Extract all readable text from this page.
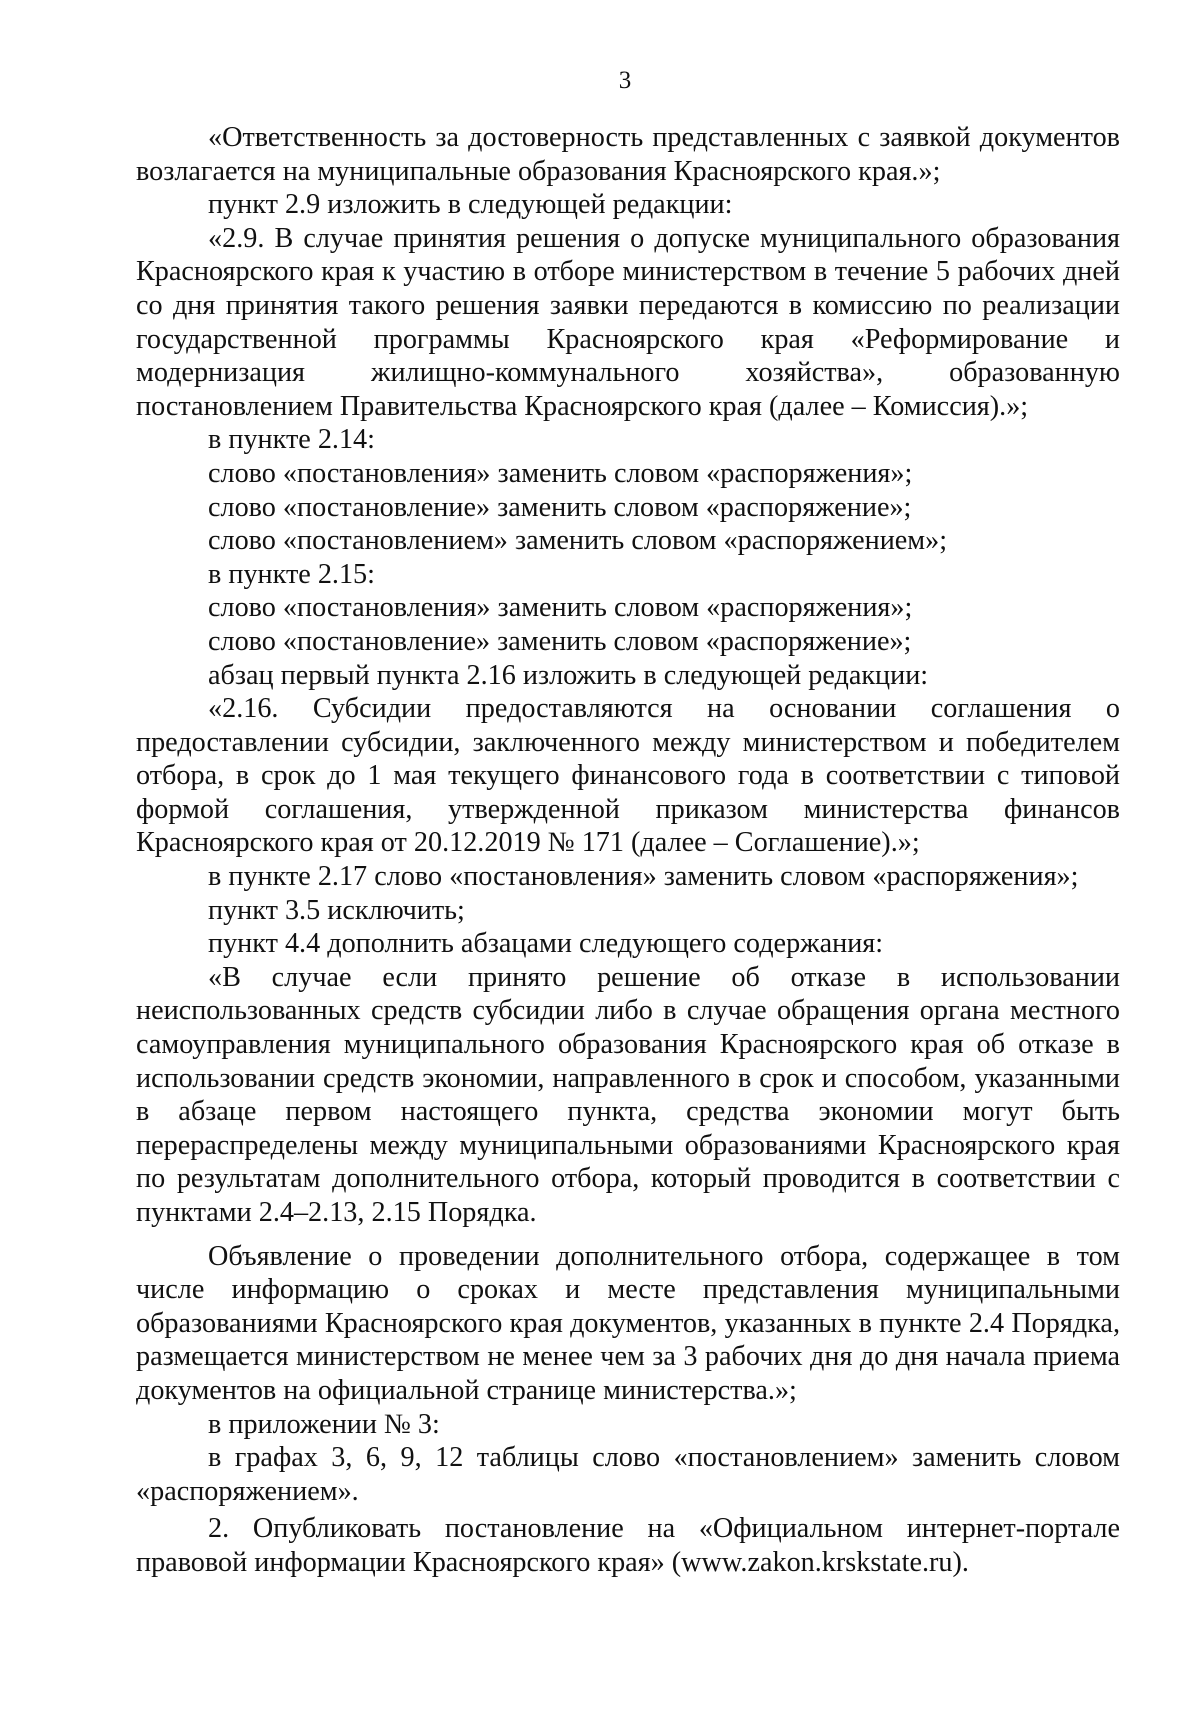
3

«Ответственность за достоверность представленных с заявкой документов возлагается на муниципальные образования Красноярского края.»;

пункт 2.9 изложить в следующей редакции:

«2.9. В случае принятия решения о допуске муниципального образования Красноярского края к участию в отборе министерством в течение 5 рабочих дней со дня принятия такого решения заявки передаются в комиссию по реализации государственной программы Красноярского края «Реформирование и модернизация жилищно-коммунального хозяйства», образованную постановлением Правительства Красноярского края (далее – Комиссия).»;

в пункте 2.14:

слово «постановления» заменить словом «распоряжения»;

слово «постановление» заменить словом «распоряжение»;

слово «постановлением» заменить словом «распоряжением»;

в пункте 2.15:

слово «постановления» заменить словом «распоряжения»;

слово «постановление» заменить словом «распоряжение»;

абзац первый пункта 2.16 изложить в следующей редакции:

«2.16. Субсидии предоставляются на основании соглашения о предоставлении субсидии, заключенного между министерством и победителем отбора, в срок до 1 мая текущего финансового года в соответствии с типовой формой соглашения, утвержденной приказом министерства финансов Красноярского края от 20.12.2019 № 171 (далее – Соглашение).»;

в пункте 2.17 слово «постановления» заменить словом «распоряжения»;

пункт 3.5 исключить;

пункт 4.4 дополнить абзацами следующего содержания:

«В случае если принято решение об отказе в использовании неиспользованных средств субсидии либо в случае обращения органа местного самоуправления муниципального образования Красноярского края об отказе в использовании средств экономии, направленного в срок и способом, указанными в абзаце первом настоящего пункта, средства экономии могут быть перераспределены между муниципальными образованиями Красноярского края по результатам дополнительного отбора, который проводится в соответствии с пунктами 2.4–2.13, 2.15 Порядка.

Объявление о проведении дополнительного отбора, содержащее в том числе информацию о сроках и месте представления муниципальными образованиями Красноярского края документов, указанных в пункте 2.4 Порядка, размещается министерством не менее чем за 3 рабочих дня до дня начала приема документов на официальной странице министерства.»;

в приложении № 3:

в графах 3, 6, 9, 12 таблицы слово «постановлением» заменить словом «распоряжением».

2. Опубликовать постановление на «Официальном интернет-портале правовой информации Красноярского края» (www.zakon.krskstate.ru).
